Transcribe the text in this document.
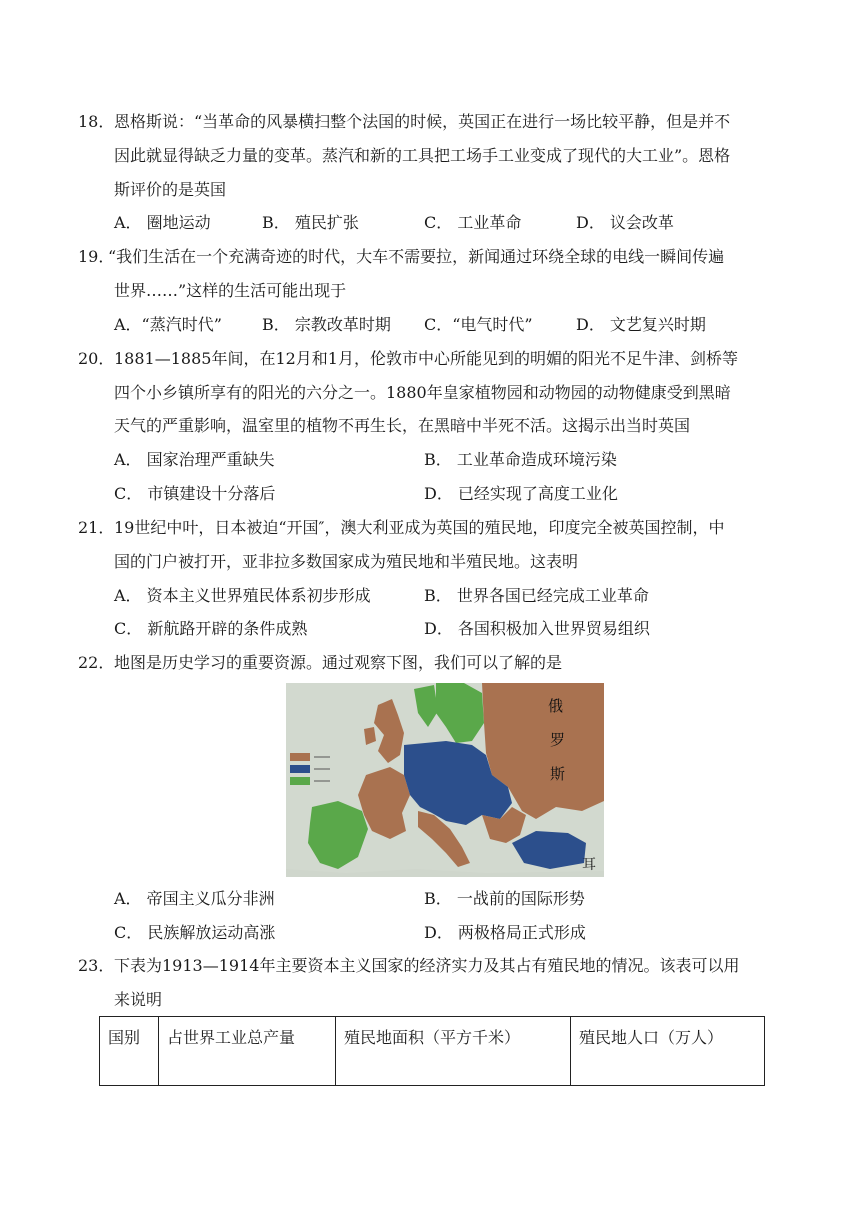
18． 恩格斯说：“当革命的风暴横扫整个法国的时候，英国正在进行一场比较平静，但是并不
因此就显得缺乏力量的变革。蒸汽和新的工具把工场手工业变成了现代的大工业”。恩格
斯评价的是英国
A． 圈地运动	B． 殖民扩张	C． 工业革命	D． 议会改革
19．
“我们生活在一个充满奇迹的时代，大车不需要拉，新闻通过环绕全球的电线一瞬间传遍
世界……”这样的生活可能出现于
A．“蒸汽时代”	B． 宗教改革时期 C．“电气时代”	D． 文艺复兴时期
20． 1881—1885年间，在12月和1月，伦敦市中心所能见到的明媚的阳光不足牛津、剑桥等
四个小乡镇所享有的阳光的六分之一。1880年皇家植物园和动物园的动物健康受到黑暗
天气的严重影响，温室里的植物不再生长，在黑暗中半死不活。这揭示出当时英国
A． 国家治理严重缺失	B． 工业革命造成环境污染
C． 市镇建设十分落后	D． 已经实现了高度工业化
21． 19世纪中叶，日本被迫“开国″，澳大利亚成为英国的殖民地，印度完全被英国控制，中
国的门户被打开，亚非拉多数国家成为殖民地和半殖民地。这表明
A． 资本主义世界殖民体系初步形成	B． 世界各国已经完成工业革命
C． 新航路开辟的条件成熟	D． 各国积极加入世界贸易组织
22． 地图是历史学习的重要资源。通过观察下图，我们可以了解的是
俄
罗
斯
耳
A． 帝国主义瓜分非洲	B． 一战前的国际形势
C． 民族解放运动高涨	D． 两极格局正式形成
23． 下表为1913—1914年主要资本主义国家的经济实力及其占有殖民地的情况。该表可以用
来说明
国别	占世界工业总产量	殖民地面积（平方千米）	殖民地人口（万人）
